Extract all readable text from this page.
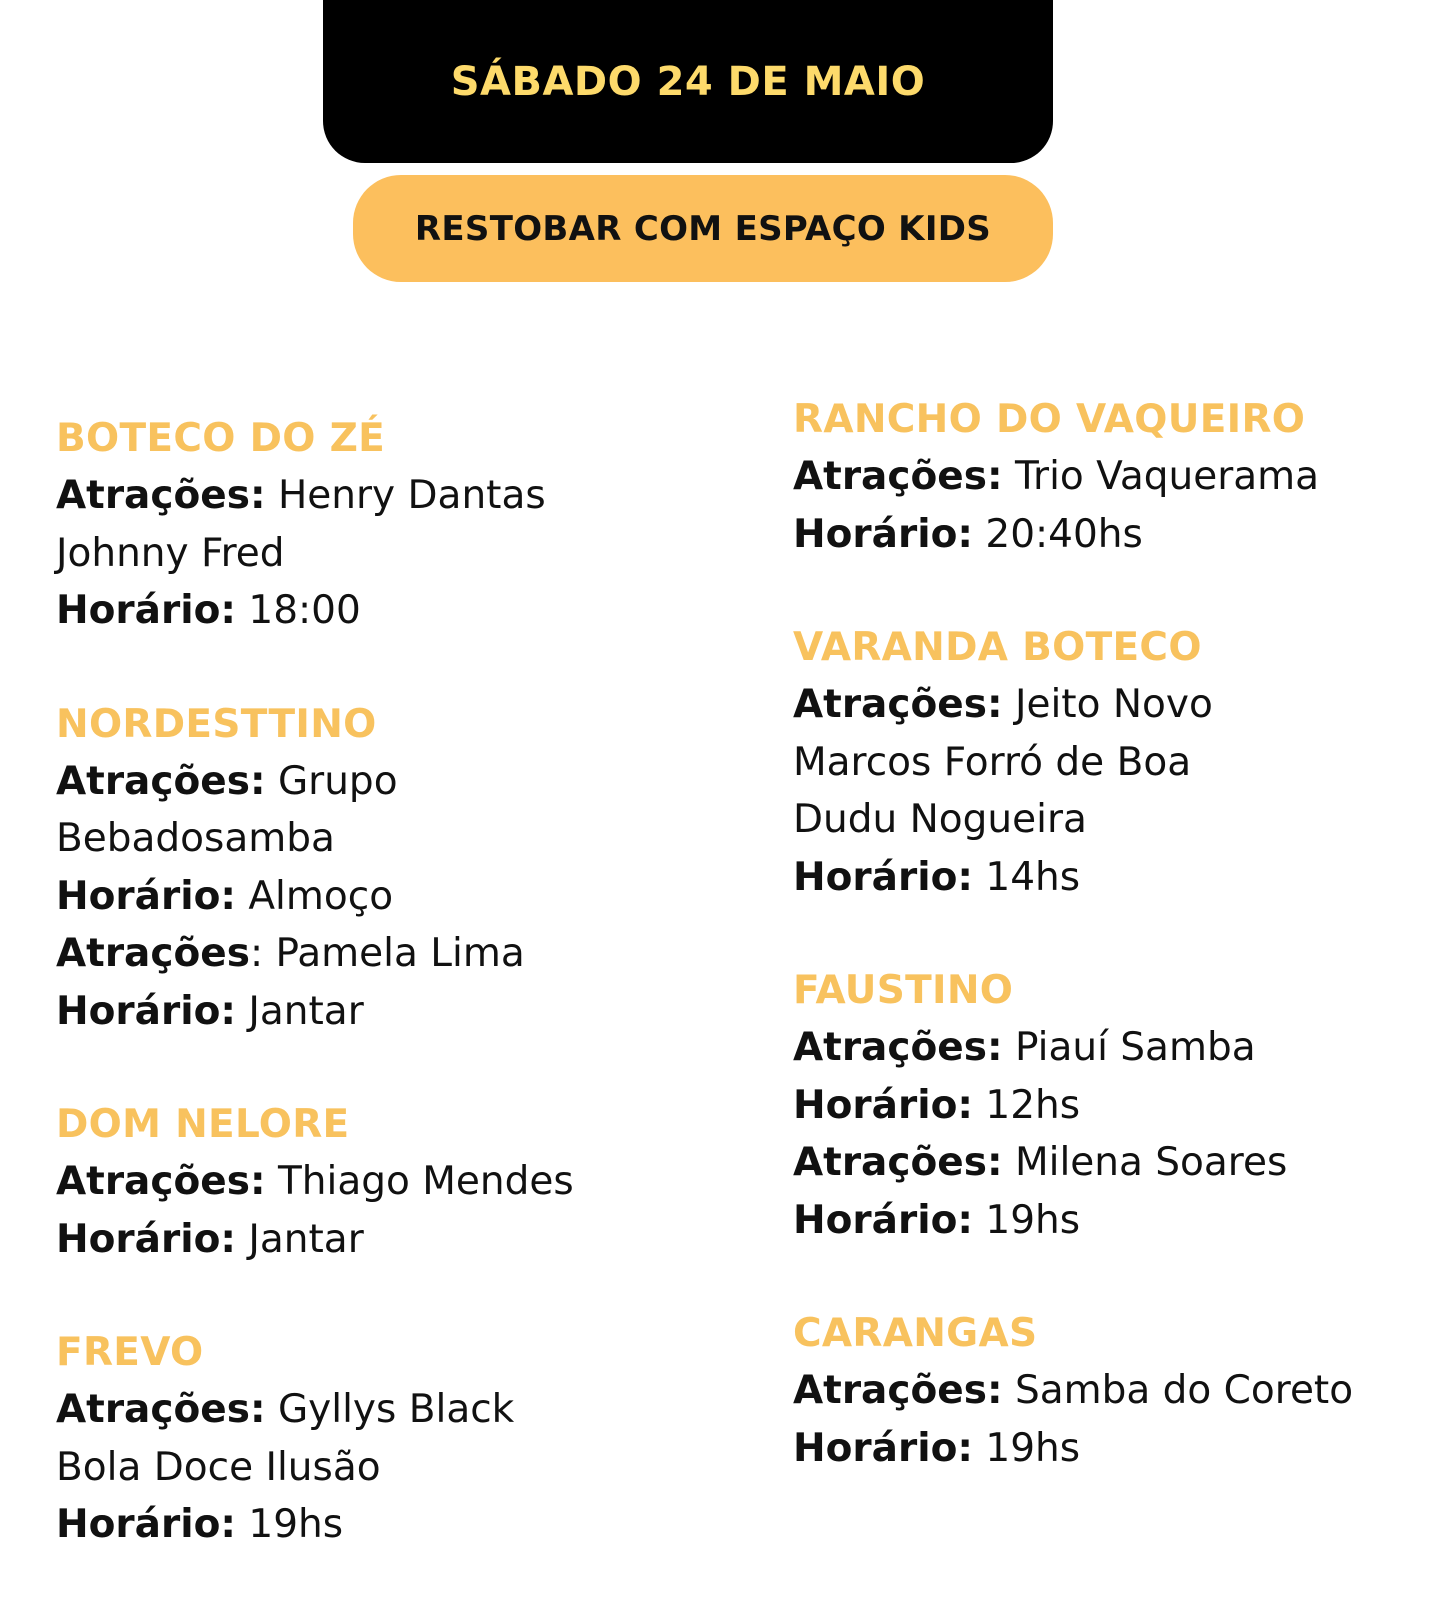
SÁBADO 24 DE MAIO
RESTOBAR COM ESPAÇO KIDS
BOTECO DO ZÉ
Atrações: Henry Dantas
Johnny Fred
Horário: 18:00
NORDESTTINO
Atrações: Grupo
Bebadosamba
Horário: Almoço
Atrações: Pamela Lima
Horário: Jantar
DOM NELORE
Atrações: Thiago Mendes
Horário: Jantar
FREVO
Atrações: Gyllys Black
Bola Doce Ilusão
Horário: 19hs
RANCHO DO VAQUEIRO
Atrações: Trio Vaquerama
Horário: 20:40hs
VARANDA BOTECO
Atrações: Jeito Novo
Marcos Forró de Boa
Dudu Nogueira
Horário: 14hs
FAUSTINO
Atrações: Piauí Samba
Horário: 12hs
Atrações: Milena Soares
Horário: 19hs
CARANGAS
Atrações: Samba do Coreto
Horário: 19hs
